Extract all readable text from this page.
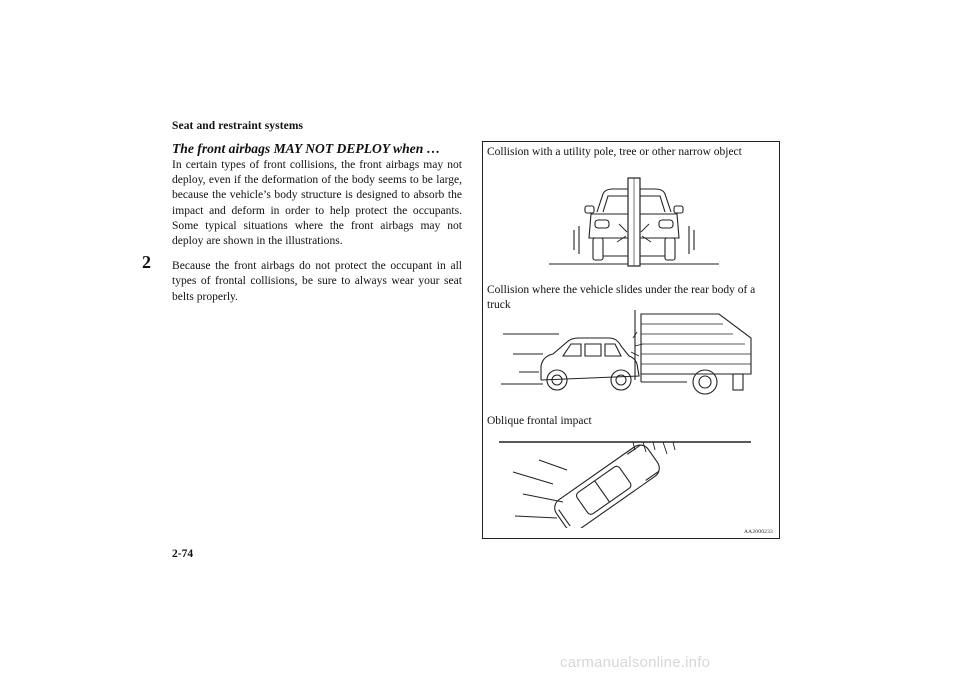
Seat and restraint systems
2
The front airbags MAY NOT DEPLOY when …

In certain types of front collisions, the front airbags may not deploy, even if the deformation of the body seems to be large, because the vehicle’s body structure is designed to absorb the impact and deform in order to help protect the occupants. Some typical situations where the front airbags may not deploy are shown in the illustrations.

Because the front airbags do not protect the occupant in all types of frontal collisions, be sure to always wear your seat belts properly.

Collision with a utility pole, tree or other narrow object
Collision where the vehicle slides under the rear body of a truck
Oblique frontal impact
AA2000233
2-74
carmanualsonline.info
